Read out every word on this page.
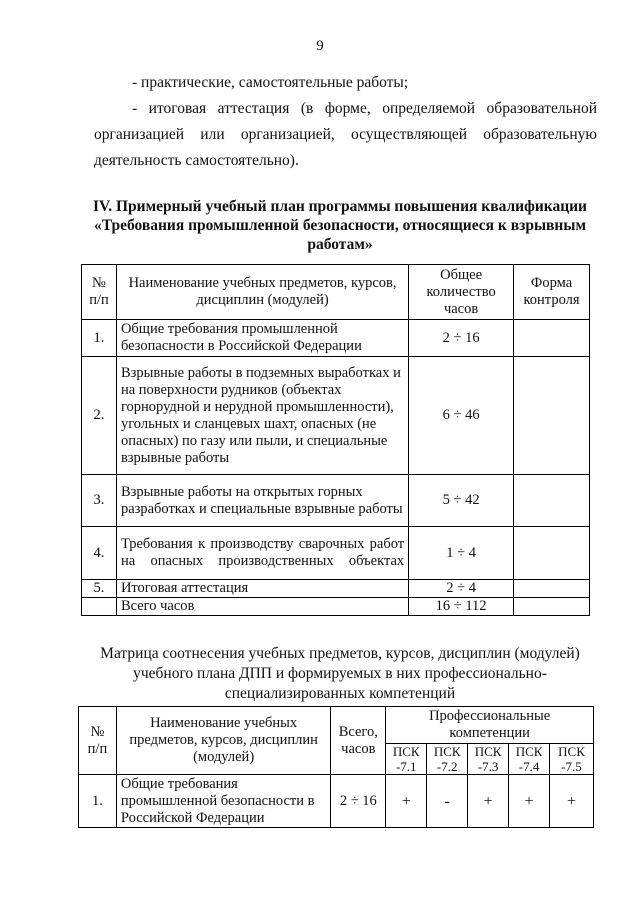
9
- практические, самостоятельные работы;
- итоговая аттестация (в форме, определяемой образовательной
организацией или организацией, осуществляющей образовательную
деятельность самостоятельно).
IV. Примерный учебный план программы повышения квалификации
«Требования промышленной безопасности, относящиеся к взрывным
работам»
№ п/п	Наименование учебных предметов, курсов, дисциплин (модулей)	Общее количество часов	Форма контроля
1.	Общие требования промышленной безопасности в Российской Федерации	2 ÷ 16	
2.	Взрывные работы в подземных выработках и на поверхности рудников (объектах горнорудной и нерудной промышленности), угольных и сланцевых шахт, опасных (не опасных) по газу или пыли, и специальные взрывные работы	6 ÷ 46	
3.	Взрывные работы на открытых горных разработках и специальные взрывные работы	5 ÷ 42	
4.	Требования к производству сварочных работ на опасных производственных объектах	1 ÷ 4	
5.	Итоговая аттестация	2 ÷ 4	
	Всего часов	16 ÷ 112	
Матрица соотнесения учебных предметов, курсов, дисциплин (модулей)
учебного плана ДПП и формируемых в них профессионально-
специализированных компетенций
№ п/п	Наименование учебных предметов, курсов, дисциплин (модулей)	Всего, часов	Профессиональные компетенции				
			ПСК -7.1	ПСК -7.2	ПСК -7.3	ПСК -7.4	ПСК -7.5
1.	Общие требования промышленной безопасности в Российской Федерации	2 ÷ 16	+	-	+	+	+
